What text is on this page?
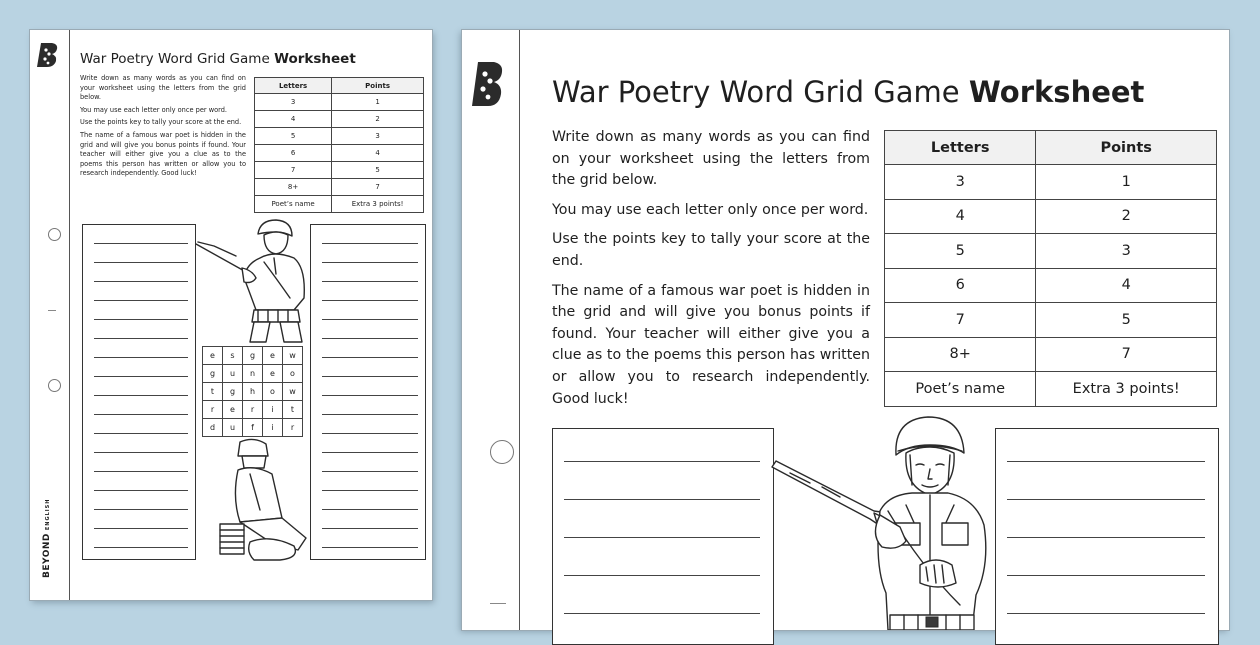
War Poetry Word Grid Game Worksheet

Write down as many words as you can find on your worksheet using the letters from the grid below.

You may use each letter only once per word.

Use the points key to tally your score at the end.

The name of a famous war poet is hidden in the grid and will give you bonus points if found. Your teacher will either give you a clue as to the poems this person has written or allow you to research independently. Good luck!

Letters	Points
3	1
4	2
5	3
6	4
7	5
8+	7
Poet’s name	Extra 3 points!
e	s	g	e	w
g	u	n	e	o
t	g	h	o	w
r	e	r	i	t
d	u	f	i	r
BEYONDENGLISH
War Poetry Word Grid Game Worksheet

Write down as many words as you can find on your worksheet using the letters from the grid below.

You may use each letter only once per word.

Use the points key to tally your score at the end.

The name of a famous war poet is hidden in the grid and will give you bonus points if found. Your teacher will either give you a clue as to the poems this person has written or allow you to research independently. Good luck!

Letters	Points
3	1
4	2
5	3
6	4
7	5
8+	7
Poet’s name	Extra 3 points!
